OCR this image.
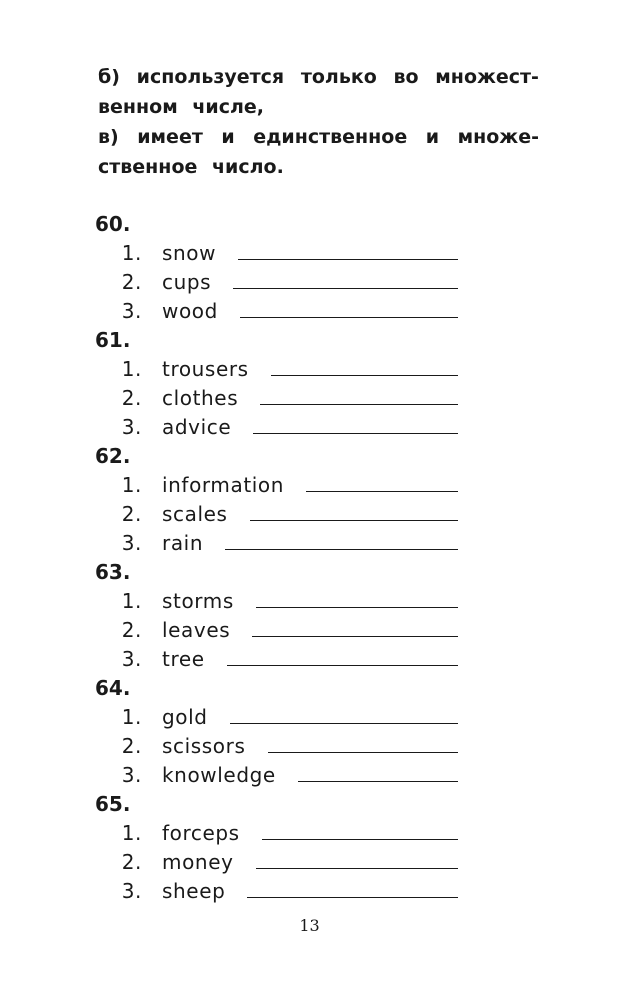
б) используется только во множест-
венном числе,
в) имеет и единственное и множе-
ственное число.
60.
1. snow
2. cups
3. wood
61.
1. trousers
2. clothes
3. advice
62.
1. information
2. scales
3. rain
63.
1. storms
2. leaves
3. tree
64.
1. gold
2. scissors
3. knowledge
65.
1. forceps
2. money
3. sheep
13
